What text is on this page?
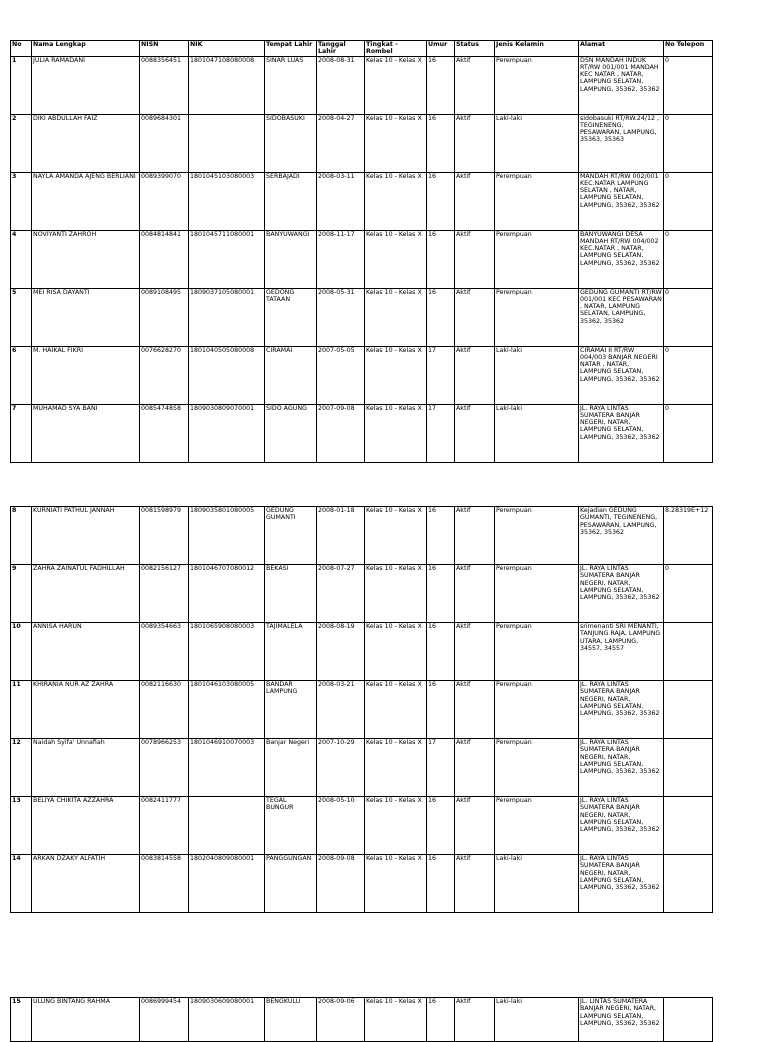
No	Nama Lengkap	NISN	NIK	Tempat Lahir	Tanggal Lahir	Tingkat - Rombel	Umur	Status	Jenis Kelamin	Alamat	No Telepon
1	JULIA RAMADANI	0088356451	1801047108080008	SINAR LUAS	2008-08-31	Kelas 10 - Kelas X	16	Aktif	Perempuan	DSN MANDAH INDUK RT/RW 001/001 MANDAH KEC NATAR , NATAR, LAMPUNG SELATAN, LAMPUNG, 35362, 35362	0
2	DIKI ABDULLAH FAIZ	0089684301		SIDOBASUKI	2008-04-27	Kelas 10 - Kelas X	16	Aktif	Laki-laki	sidobasuki RT/RW.24/12 , TEGINENENG, PESAWARAN, LAMPUNG, 35363, 35363	0
3	NAYLA AMANDA AJENG BERLIANI	0089399070	1801045103080003	SERBAJADI	2008-03-11	Kelas 10 - Kelas X	16	Aktif	Perempuan	MANDAH RT/RW 002/001 KEC.NATAR LAMPUNG SELATAN , NATAR, LAMPUNG SELATAN, LAMPUNG, 35362, 35362	0
4	NOVIYANTI ZAHROH	0084814841	1801045711080001	BANYUWANGI	2008-11-17	Kelas 10 - Kelas X	16	Aktif	Perempuan	BANYUWANGI DESA MANDAH RT/RW 004/002 KEC.NATAR , NATAR, LAMPUNG SELATAN, LAMPUNG, 35362, 35362	0
5	MEI RISA DAYANTI	0089108495	1809037105080001	GEDONG TATAAN	2008-05-31	Kelas 10 - Kelas X	16	Aktif	Perempuan	GEDUNG GUMANTI RT/RW 001/001 KEC PESAWARAN , NATAR, LAMPUNG SELATAN, LAMPUNG, 35362, 35362	0
6	M. HAIKAL FIKRI	0076628270	1801040505080008	CIRAMAI	2007-05-05	Kelas 10 - Kelas X	17	Aktif	Laki-laki	CIRAMAI II RT/RW 004/003 BANJAR NEGERI NATAR , NATAR, LAMPUNG SELATAN, LAMPUNG, 35362, 35362	0
7	MUHAMAD SYA BANI	0085474858	1809030809070001	SIDO AGUNG	2007-09-08	Kelas 10 - Kelas X	17	Aktif	Laki-laki	JL. RAYA LINTAS SUMATERA BANJAR NEGERI, NATAR, LAMPUNG SELATAN, LAMPUNG, 35362, 35362	0
8	KURNIATI PATHUL JANNAH	0081598979	1809035801080005	GEDUNG GUMANTI	2008-01-18	Kelas 10 - Kelas X	16	Aktif	Perempuan	Kejadian GEDUNG GUMANTI, TEGINENENG, PESAWARAN, LAMPUNG, 35362, 35362	8.28319E+12
9	ZAHRA ZAINATUL FADHILLAH	0082156127	1801046707080012	BEKASI	2008-07-27	Kelas 10 - Kelas X	16	Aktif	Perempuan	JL. RAYA LINTAS SUMATERA BANJAR NEGERI, NATAR, LAMPUNG SELATAN, LAMPUNG, 35362, 35362	0
10	ANNISA HARUN	0089354663	1801065908080003	TAJIMALELA	2008-08-19	Kelas 10 - Kelas X	16	Aktif	Perempuan	srimenanti SRI MENANTI, TANJUNG RAJA, LAMPUNG UTARA, LAMPUNG, 34557, 34557	
11	KHIRANIA NUR AZ ZAHRA	0082116630	1801046103080005	BANDAR LAMPUNG	2008-03-21	Kelas 10 - Kelas X	16	Aktif	Perempuan	JL. RAYA LINTAS SUMATERA BANJAR NEGERI, NATAR, LAMPUNG SELATAN, LAMPUNG, 35362, 35362	
12	Naidah Syifa' Unnafiah	0078966253	1801046910070003	Banjar Negeri	2007-10-29	Kelas 10 - Kelas X	17	Aktif	Perempuan	JL. RAYA LINTAS SUMATERA BANJAR NEGERI, NATAR, LAMPUNG SELATAN, LAMPUNG, 35362, 35362	
13	BELIYA CHIKITA AZZAHRA	0082411777		TEGAL BUNGUR	2008-05-10	Kelas 10 - Kelas X	16	Aktif	Perempuan	JL. RAYA LINTAS SUMATERA BANJAR NEGERI, NATAR, LAMPUNG SELATAN, LAMPUNG, 35362, 35362	
14	ARKAN DZAKY ALFATIH	0083814558	1802040809080001	PANGGUNGAN	2008-09-08	Kelas 10 - Kelas X	16	Aktif	Laki-laki	JL. RAYA LINTAS SUMATERA BANJAR NEGERI, NATAR, LAMPUNG SELATAN, LAMPUNG, 35362, 35362	
15	ULUNG BINTANG RAHMA	0086999454	1809030609080001	BENGKULU	2008-09-06	Kelas 10 - Kelas X	16	Aktif	Laki-laki	JL. LINTAS SUMATERA BANJAR NEGERI, NATAR, LAMPUNG SELATAN, LAMPUNG, 35362, 35362	
